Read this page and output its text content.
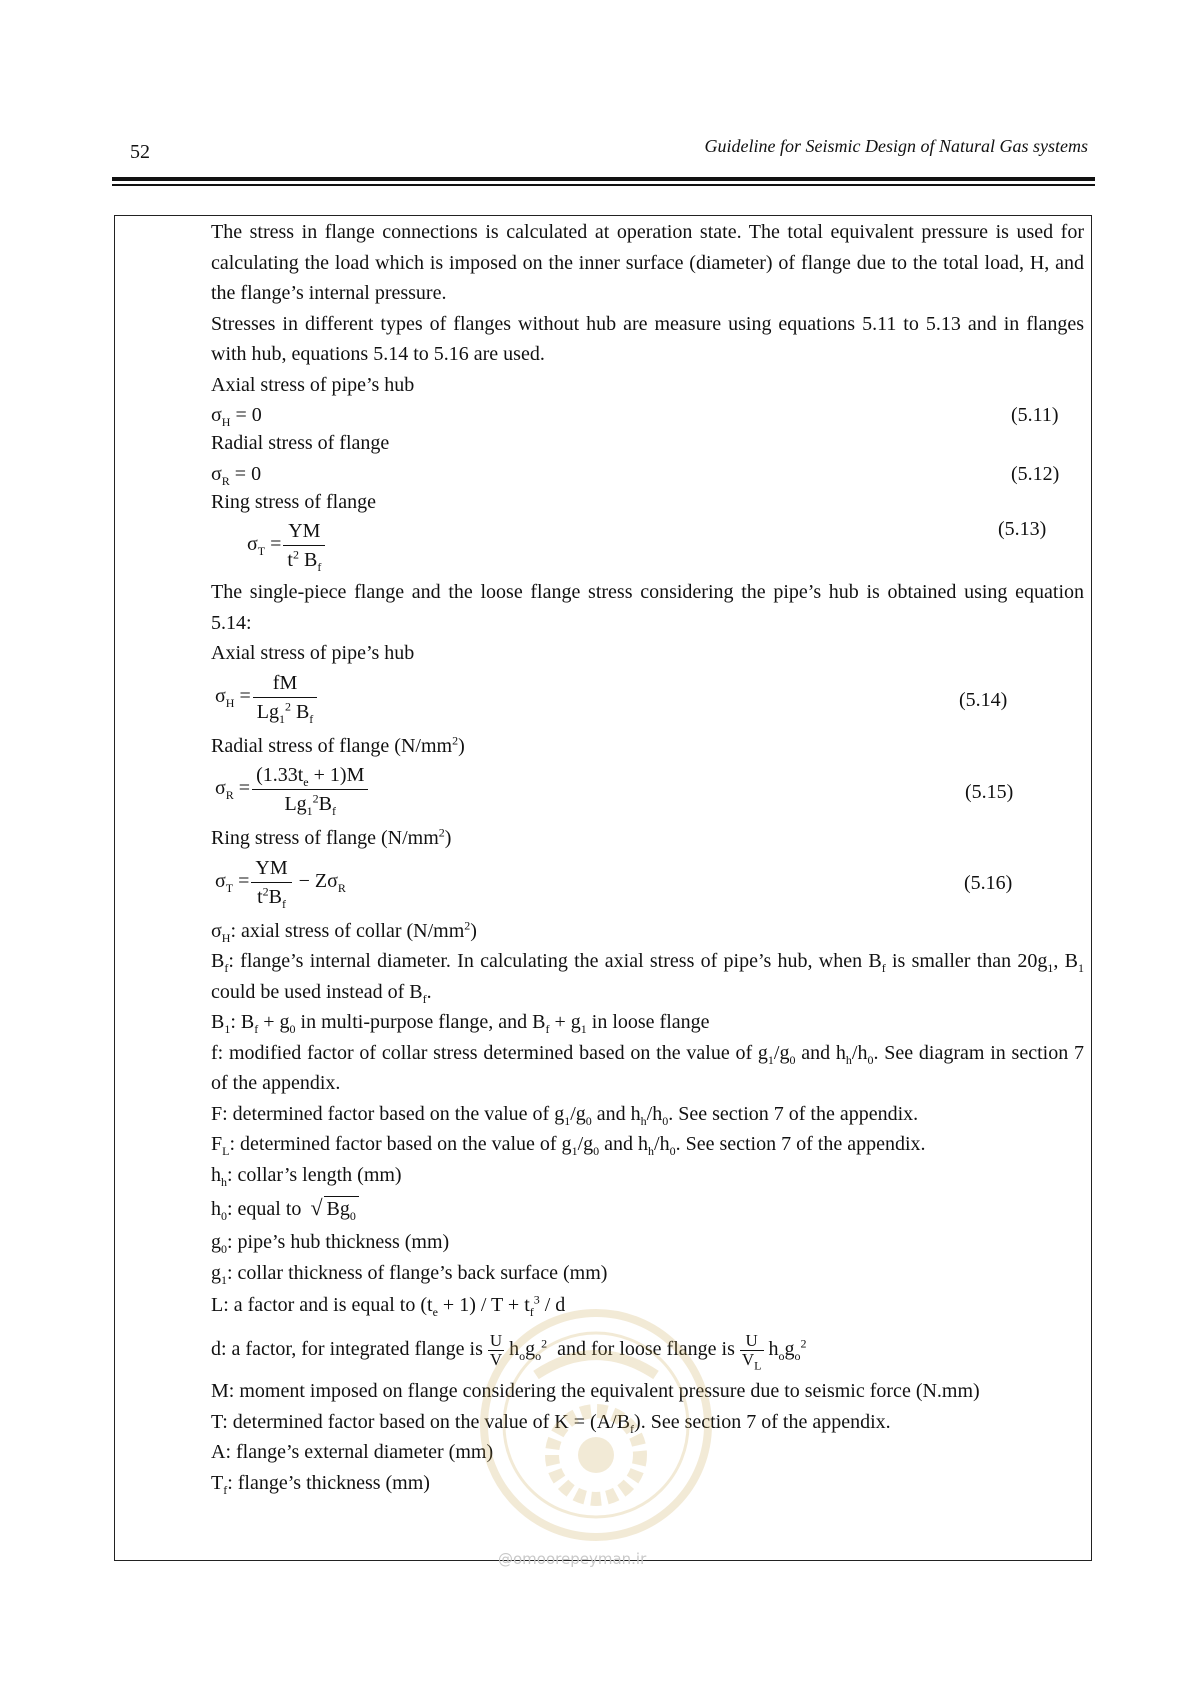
52	Guideline for Seismic Design of Natural Gas systems

The stress in flange connections is calculated at operation state. The total equivalent pressure is used for calculating the load which is imposed on the inner surface (diameter) of flange due to the total load, H, and the flange’s internal pressure.

Stresses in different types of flanges without hub are measure using equations 5.11 to 5.13 and in flanges with hub, equations 5.14 to 5.16 are used.

Axial stress of pipe’s hub

$\sigma_H = 0$	(5.11)

Radial stress of flange

$\sigma_R = 0$	(5.12)

Ring stress of flange

$\sigma_T = \frac{YM}{t^2 B_f}$	(5.13)

The single-piece flange and the loose flange stress considering the pipe’s hub is obtained using equation 5.14:

Axial stress of pipe’s hub

$\sigma_H = \frac{fM}{Lg_1^2 B_f}$	(5.14)

Radial stress of flange $(N/mm^2)$

$\sigma_R = \frac{(1.33t_e + 1)M}{Lg_1^2B_f}$	(5.15)

Ring stress of flange $(N/mm^2)$

$\sigma_T = \frac{YM}{t^2B_f} - Z\sigma_R$	(5.16)

$\sigma_H$: axial stress of collar $(N/mm^2)$

$B_f$: flange’s internal diameter. In calculating the axial stress of pipe’s hub, when $B_f$ is smaller than $20g_1$, $B_1$ could be used instead of $B_f$.

$B_1$: $B_f + g_0$ in multi-purpose flange, and $B_f + g_1$ in loose flange

f: modified factor of collar stress determined based on the value of $g_1/g_0$ and $h_h/h_0$. See diagram in section 7 of the appendix.

F: determined factor based on the value of $g_1/g_0$ and $h_h/h_0$. See section 7 of the appendix.

$F_L$: determined factor based on the value of $g_1/g_0$ and $h_h/h_0$. See section 7 of the appendix.

$h_h$: collar’s length (mm)

$h_0$: equal to √ $Bg_0$

$g_0$: pipe’s hub thickness (mm)

$g_1$: collar thickness of flange’s back surface (mm)

L: a factor and is equal to $(t_e + 1) / T + t_f^3 / d$

d: a factor, for integrated flange is $\frac{U}{V} h_og_o^2$ and for loose flange is $\frac{U}{V_L} h_og_o^2$

M: moment imposed on flange considering the equivalent pressure due to seismic force (N.mm)

T: determined factor based on the value of $K = (A/B_f)$. See section 7 of the appendix.

A: flange’s external diameter (mm)

$T_f$: flange’s thickness (mm)

@omoorepeyman.ir
